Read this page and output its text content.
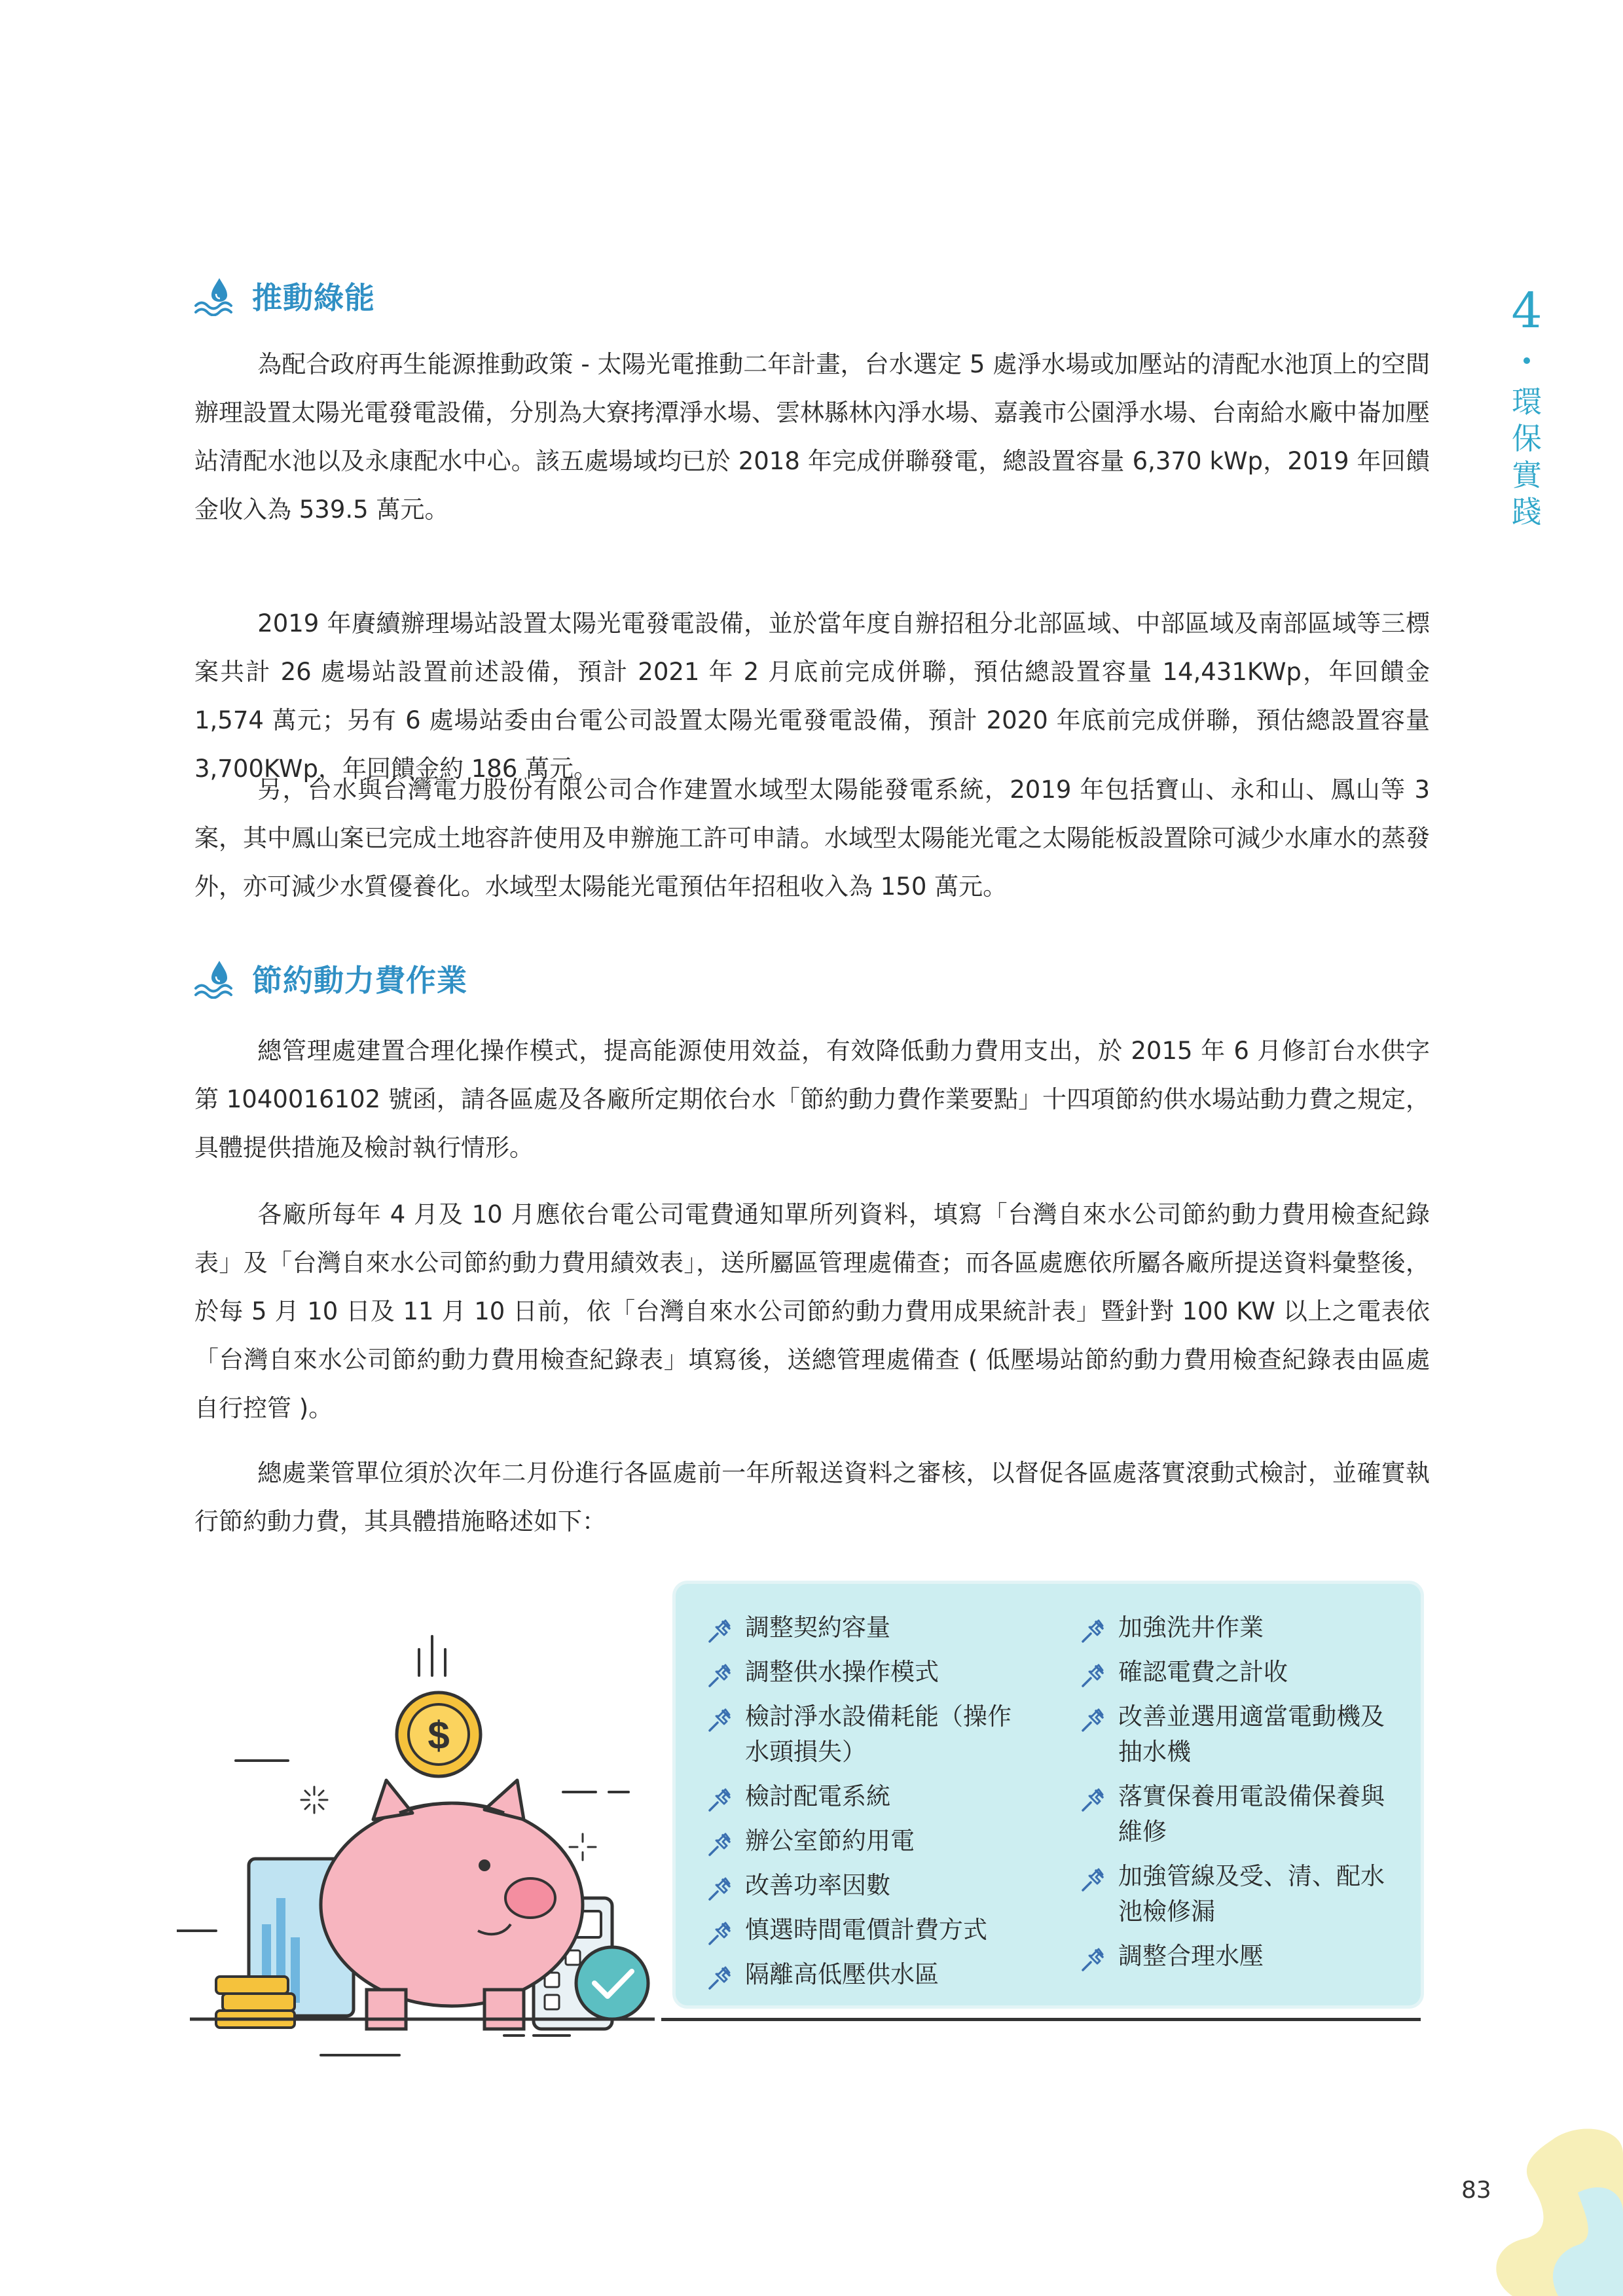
4
環
保
實
踐
推動綠能

為配合政府再生能源推動政策 - 太陽光電推動二年計畫，台水選定 5 處淨水場或加壓站的清配水池頂上的空間辦理設置太陽光電發電設備，分別為大寮拷潭淨水場、雲林縣林內淨水場、嘉義市公園淨水場、台南給水廠中崙加壓站清配水池以及永康配水中心。該五處場域均已於 2018 年完成併聯發電，總設置容量 6,370 kWp，2019 年回饋金收入為 539.5 萬元。

2019 年賡續辦理場站設置太陽光電發電設備，並於當年度自辦招租分北部區域、中部區域及南部區域等三標案共計 26 處場站設置前述設備，預計 2021 年 2 月底前完成併聯，預估總設置容量 14,431KWp，年回饋金 1,574 萬元；另有 6 處場站委由台電公司設置太陽光電發電設備，預計 2020 年底前完成併聯，預估總設置容量 3,700KWp，年回饋金約 186 萬元。

另，台水與台灣電力股份有限公司合作建置水域型太陽能發電系統，2019 年包括寶山、永和山、鳳山等 3 案，其中鳳山案已完成土地容許使用及申辦施工許可申請。水域型太陽能光電之太陽能板設置除可減少水庫水的蒸發外，亦可減少水質優養化。水域型太陽能光電預估年招租收入為 150 萬元。

節約動力費作業

總管理處建置合理化操作模式，提高能源使用效益，有效降低動力費用支出，於 2015 年 6 月修訂台水供字第 1040016102 號函，請各區處及各廠所定期依台水「節約動力費作業要點」十四項節約供水場站動力費之規定，具體提供措施及檢討執行情形。

各廠所每年 4 月及 10 月應依台電公司電費通知單所列資料，填寫「台灣自來水公司節約動力費用檢查紀錄表」及「台灣自來水公司節約動力費用績效表」，送所屬區管理處備查；而各區處應依所屬各廠所提送資料彙整後，於每 5 月 10 日及 11 月 10 日前，依「台灣自來水公司節約動力費用成果統計表」暨針對 100 KW 以上之電表依「台灣自來水公司節約動力費用檢查紀錄表」填寫後，送總管理處備查 ( 低壓場站節約動力費用檢查紀錄表由區處自行控管 )。

總處業管單位須於次年二月份進行各區處前一年所報送資料之審核，以督促各區處落實滾動式檢討，並確實執行節約動力費，其具體措施略述如下：

$
調整契約容量
調整供水操作模式
檢討淨水設備耗能（操作水頭損失）
檢討配電系統
辦公室節約用電
改善功率因數
慎選時間電價計費方式
隔離高低壓供水區
加強洗井作業
確認電費之計收
改善並選用適當電動機及抽水機
落實保養用電設備保養與維修
加強管線及受、清、配水池檢修漏
調整合理水壓
83
